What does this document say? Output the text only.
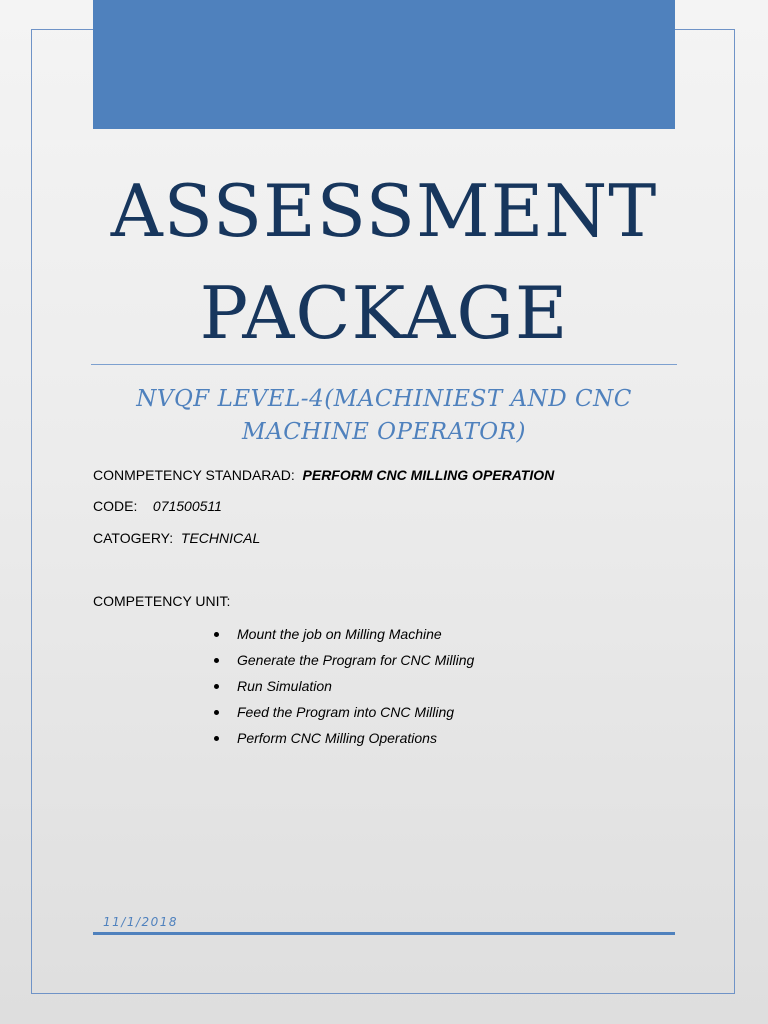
ASSESSMENT
PACKAGE
NVQF LEVEL-4(MACHINIEST AND CNC
MACHINE OPERATOR)
CONMPETENCY STANDARAD: PERFORM CNC MILLING OPERATION
CODE: 071500511
CATOGERY: TECHNICAL
COMPETENCY UNIT:
Mount the job on Milling Machine
Generate the Program for CNC Milling
Run Simulation
Feed the Program into CNC Milling
Perform CNC Milling Operations
11/1/2018
